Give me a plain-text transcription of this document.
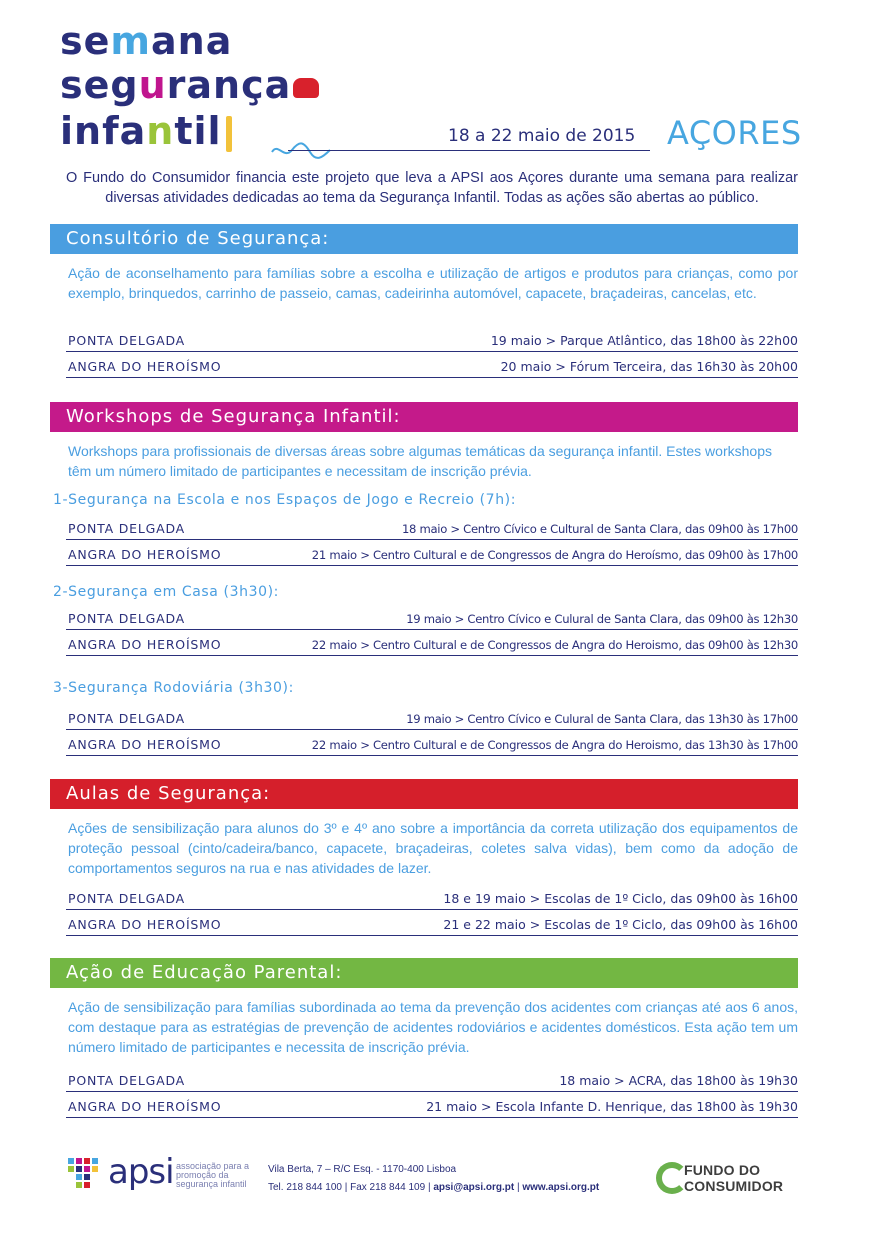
semana
segurança
infantil	18 a 22 maio de 2015 AÇORES

O Fundo do Consumidor financia este projeto que leva a APSI aos Açores durante uma semana para realizar diversas atividades dedicadas ao tema da Segurança Infantil. Todas as ações são abertas ao público.

Consultório de Segurança:

Ação de aconselhamento para famílias sobre a escolha e utilização de artigos e produtos para crianças, como por exemplo, brinquedos, carrinho de passeio, camas, cadeirinha automóvel, capacete, braçadeiras, cancelas, etc.

PONTA DELGADA	19 maio > Parque Atlântico, das 18h00 às 22h00
ANGRA DO HEROÍSMO	20 maio > Fórum Terceira, das 16h30 às 20h00
Workshops de Segurança Infantil:

Workshops para profissionais de diversas áreas sobre algumas temáticas da segurança infantil. Estes workshops têm um número limitado de participantes e necessitam de inscrição prévia.

1-Segurança na Escola e nos Espaços de Jogo e Recreio (7h):
PONTA DELGADA	18 maio > Centro Cívico e Cultural de Santa Clara, das 09h00 às 17h00
ANGRA DO HEROÍSMO	21 maio > Centro Cultural e de Congressos de Angra do Heroísmo, das 09h00 às 17h00
2-Segurança em Casa (3h30):
PONTA DELGADA	19 maio > Centro Cívico e Culural de Santa Clara, das 09h00 às 12h30
ANGRA DO HEROÍSMO	22 maio > Centro Cultural e de Congressos de Angra do Heroismo, das 09h00 às 12h30
3-Segurança Rodoviária (3h30):
PONTA DELGADA	19 maio > Centro Cívico e Culural de Santa Clara, das 13h30 às 17h00
ANGRA DO HEROÍSMO	22 maio > Centro Cultural e de Congressos de Angra do Heroismo, das 13h30 às 17h00
Aulas de Segurança:

Ações de sensibilização para alunos do 3º e 4º ano sobre a importância da correta utilização dos equipamentos de proteção pessoal (cinto/cadeira/banco, capacete, braçadeiras, coletes salva vidas), bem como da adoção de comportamentos seguros na rua e nas atividades de lazer.

PONTA DELGADA	18 e 19 maio > Escolas de 1º Ciclo, das 09h00 às 16h00
ANGRA DO HEROÍSMO	21 e 22 maio > Escolas de 1º Ciclo, das 09h00 às 16h00
Ação de Educação Parental:

Ação de sensibilização para famílias subordinada ao tema da prevenção dos acidentes com crianças até aos 6 anos, com destaque para as estratégias de prevenção de acidentes rodoviários e acidentes domésticos. Esta ação tem um número limitado de participantes e necessita de inscrição prévia.

PONTA DELGADA	18 maio > ACRA, das 18h00 às 19h30
ANGRA DO HEROÍSMO	21 maio > Escola Infante D. Henrique, das 18h00 às 19h30
apsi associação para a promoção da segurança infantil
Vila Berta, 7 – R/C Esq. - 1170-400 Lisboa
Tel. 218 844 100 | Fax 218 844 109 | apsi@apsi.org.pt | www.apsi.org.pt
FUNDO DO
CONSUMIDOR
